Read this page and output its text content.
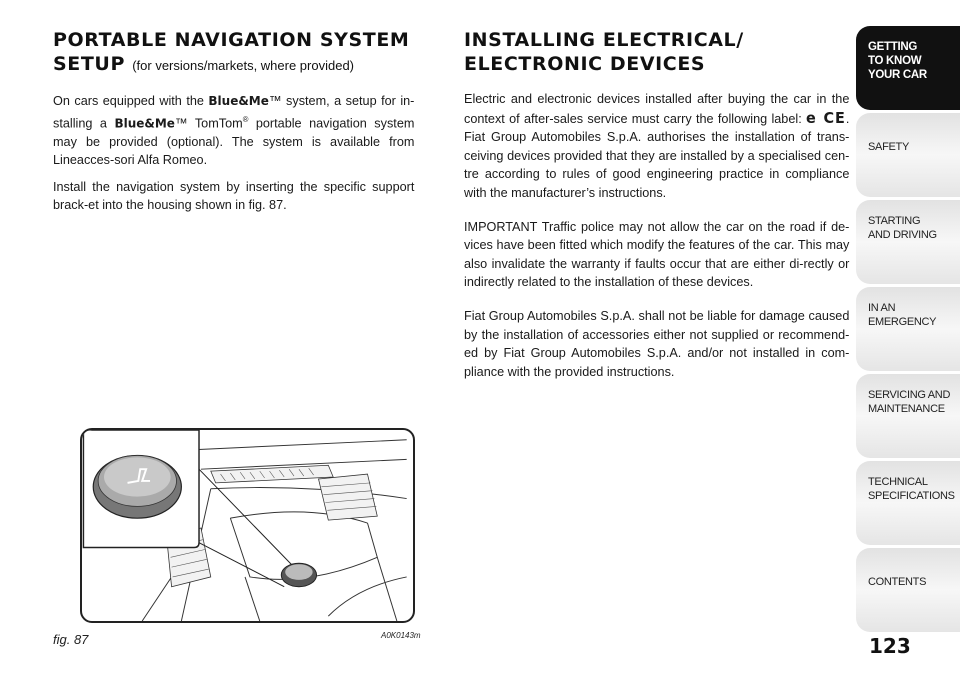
PORTABLE NAVIGATION SYSTEM
SETUP (for versions/markets, where provided)

On cars equipped with the Blue&Me™ system, a setup for in-stalling a Blue&Me™ TomTom® portable navigation system may be provided (optional). The system is available from Lineacces-sori Alfa Romeo.

Install the navigation system by inserting the specific support brack-et into the housing shown in fig. 87.

INSTALLING ELECTRICAL/
ELECTRONIC DEVICES

Electric and electronic devices installed after buying the car in the context of after-sales service must carry the following label: e CE. Fiat Group Automobiles S.p.A. authorises the installation of trans-ceiving devices provided that they are installed by a specialised cen-tre according to rules of good engineering practice in compliance with the manufacturer’s instructions.

IMPORTANT Traffic police may not allow the car on the road if de-vices have been fitted which modify the features of the car. This may also invalidate the warranty if faults occur that are either di-rectly or indirectly related to the installation of these devices.

Fiat Group Automobiles S.p.A. shall not be liable for damage caused by the installation of accessories either not supplied or recommend-ed by Fiat Group Automobiles S.p.A. and/or not installed in com-pliance with the provided instructions.

fig. 87	A0K0143m	123
GETTING
TO KNOW
YOUR CAR
SAFETY
STARTING
AND DRIVING
IN AN
EMERGENCY
SERVICING AND
MAINTENANCE
TECHNICAL
SPECIFICATIONS
CONTENTS
